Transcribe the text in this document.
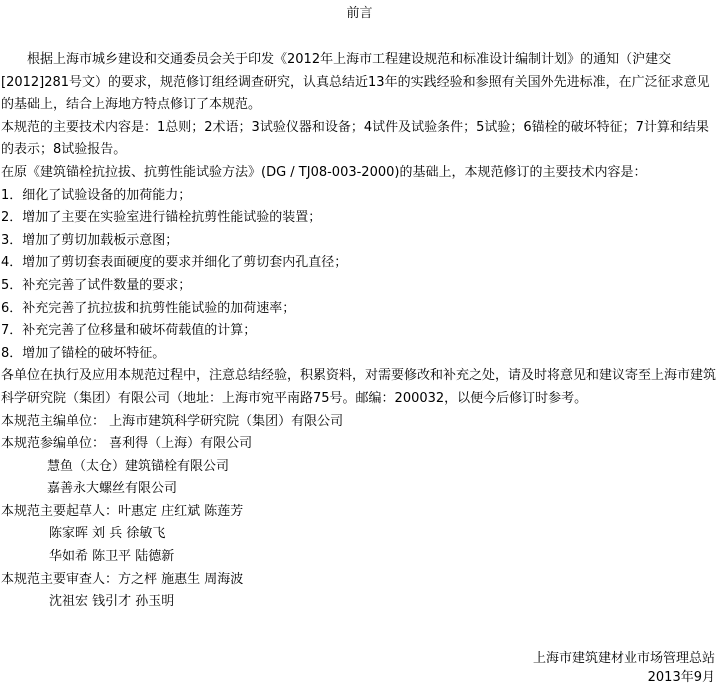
前言

根据上海市城乡建设和交通委员会关于印发《2012年上海市工程建设规范和标准设计编制计划》的通知（沪建交[2012]281号文）的要求，规范修订组经调查研究，认真总结近13年的实践经验和参照有关国外先进标准，在广泛征求意见的基础上，结合上海地方特点修订了本规范。

本规范的主要技术内容是：1总则；2术语；3试验仪器和设备；4试件及试验条件；5试验；6锚栓的破坏特征；7计算和结果的表示；8试验报告。

在原《建筑锚栓抗拉拔、抗剪性能试验方法》(DG / TJ08-003-2000)的基础上，本规范修订的主要技术内容是：

1．细化了试验设备的加荷能力；

2．增加了主要在实验室进行锚栓抗剪性能试验的装置；

3．增加了剪切加载板示意图；

4．增加了剪切套表面硬度的要求并细化了剪切套内孔直径；

5．补充完善了试件数量的要求；

6．补充完善了抗拉拔和抗剪性能试验的加荷速率；

7．补充完善了位移量和破坏荷载值的计算；

8．增加了锚栓的破坏特征。

各单位在执行及应用本规范过程中，注意总结经验，积累资料，对需要修改和补充之处，请及时将意见和建议寄至上海市建筑科学研究院（集团）有限公司（地址：上海市宛平南路75号。邮编：200032，以便今后修订时参考。

本规范主编单位： 上海市建筑科学研究院（集团）有限公司

本规范参编单位： 喜利得（上海）有限公司

慧鱼（太仓）建筑锚栓有限公司

嘉善永大螺丝有限公司

本规范主要起草人：叶惠定 庄红斌 陈莲芳

陈家晖 刘 兵 徐敏飞

华如希 陈卫平 陆德新

本规范主要审查人：方之枰 施惠生 周海波

沈祖宏 钱引才 孙玉明

上海市建筑建材业市场管理总站
2013年9月
